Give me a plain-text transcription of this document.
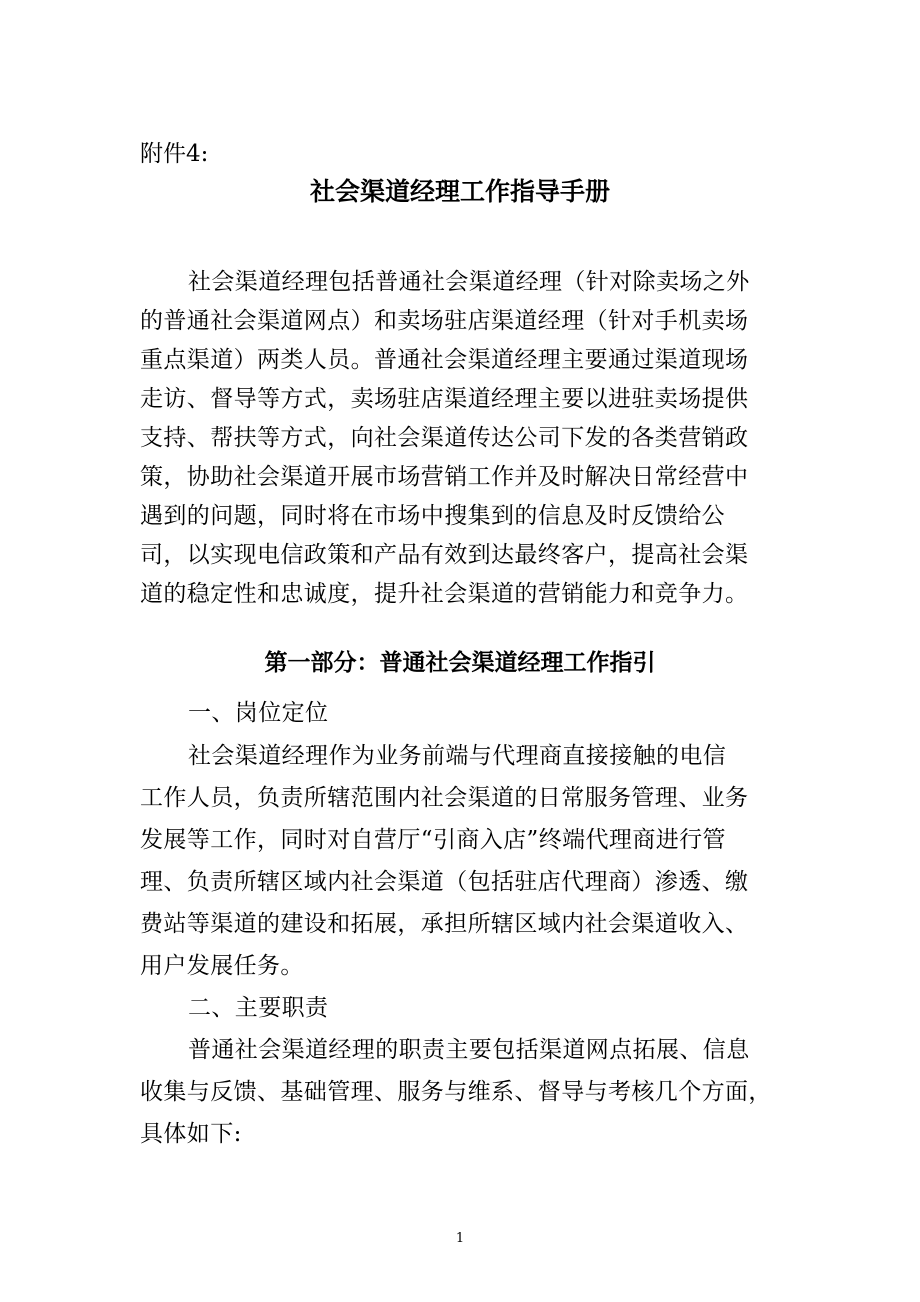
附件4:
社会渠道经理工作指导手册
社会渠道经理包括普通社会渠道经理（针对除卖场之外
的普通社会渠道网点）和卖场驻店渠道经理（针对手机卖场
重点渠道）两类人员。普通社会渠道经理主要通过渠道现场
走访、督导等方式，卖场驻店渠道经理主要以进驻卖场提供
支持、帮扶等方式，向社会渠道传达公司下发的各类营销政
策，协助社会渠道开展市场营销工作并及时解决日常经营中
遇到的问题，同时将在市场中搜集到的信息及时反馈给公
司，以实现电信政策和产品有效到达最终客户，提高社会渠
道的稳定性和忠诚度，提升社会渠道的营销能力和竞争力。
第一部分：普通社会渠道经理工作指引
一、岗位定位
社会渠道经理作为业务前端与代理商直接接触的电信
工作人员，负责所辖范围内社会渠道的日常服务管理、业务
发展等工作，同时对自营厅“引商入店”终端代理商进行管
理、负责所辖区域内社会渠道（包括驻店代理商）渗透、缴
费站等渠道的建设和拓展，承担所辖区域内社会渠道收入、
用户发展任务。
二、主要职责
普通社会渠道经理的职责主要包括渠道网点拓展、信息
收集与反馈、基础管理、服务与维系、督导与考核几个方面，
具体如下:
1
